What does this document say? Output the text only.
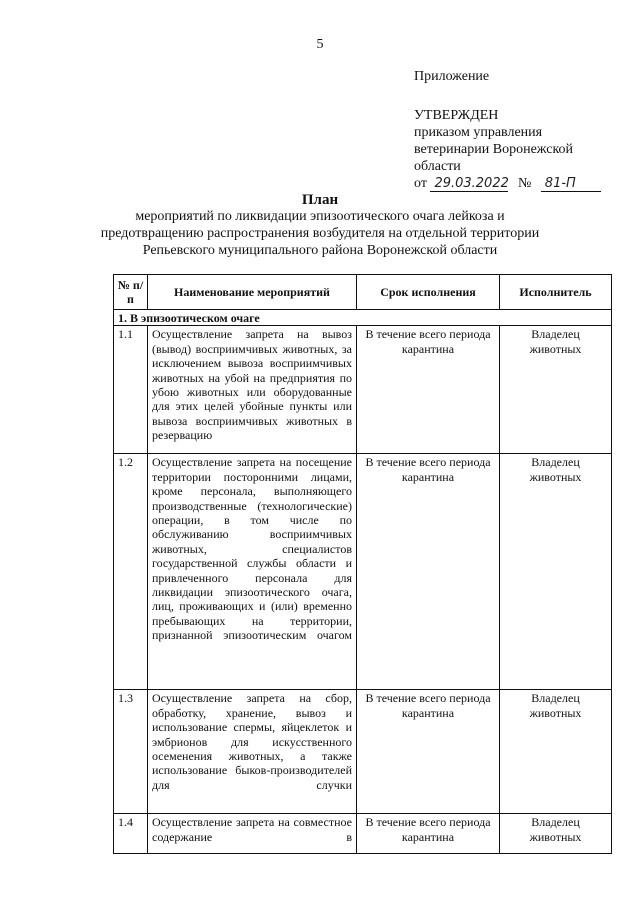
5
Приложение
УТВЕРЖДЕН
приказом управления
ветеринарии Воронежской
области
от 29.03.2022 № 81-П
План
мероприятий по ликвидации эпизоотического очага лейкоза и предотвращению распространения возбудителя на отдельной территории Репьевского муниципального района Воронежской области
№ п/п	Наименование мероприятий	Срок исполнения	Исполнитель
1. В эпизоотическом очаге			
1.1	Осуществление запрета на вывоз (вывод) восприимчивых животных, за исключением вывоза восприимчивых животных на убой на предприятия по убою животных или оборудованные для этих целей убойные пункты или вывоза восприимчивых животных в резервацию	В течение всего периода карантина	Владелец животных
1.2	Осуществление запрета на посещение территории посторонними лицами, кроме персонала, выполняющего производственные (технологические) операции, в том числе по обслуживанию восприимчивых животных, специалистов государственной службы области и привлеченного персонала для ликвидации эпизоотического очага, лиц, проживающих и (или) временно пребывающих на территории, признанной эпизоотическим очагом	В течение всего периода карантина	Владелец животных
1.3	Осуществление запрета на сбор, обработку, хранение, вывоз и использование спермы, яйцеклеток и эмбрионов для искусственного осеменения животных, а также использование быков-производителей для случки	В течение всего периода карантина	Владелец животных
1.4	Осуществление запрета на совместное содержание в	В течение всего периода карантина	Владелец животных
